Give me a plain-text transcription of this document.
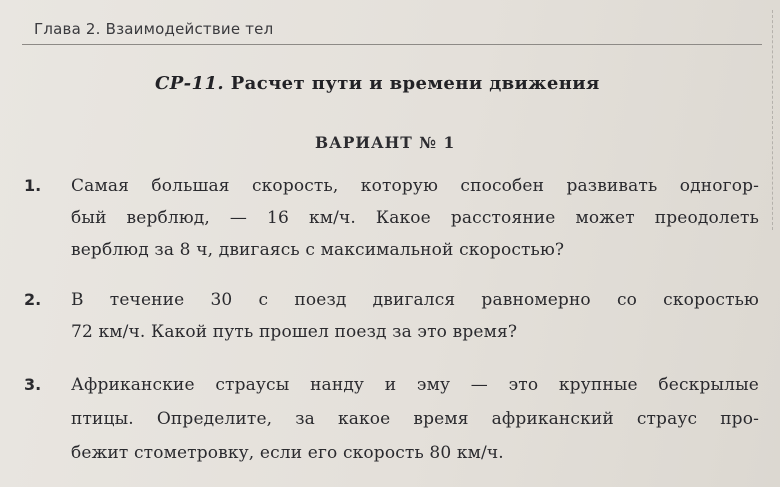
Глава 2. Взаимодействие тел
СР-11. Расчет пути и времени движения
ВАРИАНТ № 1
1. Самая большая скорость, которую способен развивать одногор-
бый верблюд, — 16 км/ч. Какое расстояние может преодолеть
верблюд за 8 ч, двигаясь с максимальной скоростью?
2. В течение 30 с поезд двигался равномерно со скоростью
72 км/ч. Какой путь прошел поезд за это время?
3. Африканские страусы нанду и эму — это крупные бескрылые
птицы. Определите, за какое время африканский страус про-
бежит стометровку, если его скорость 80 км/ч.
